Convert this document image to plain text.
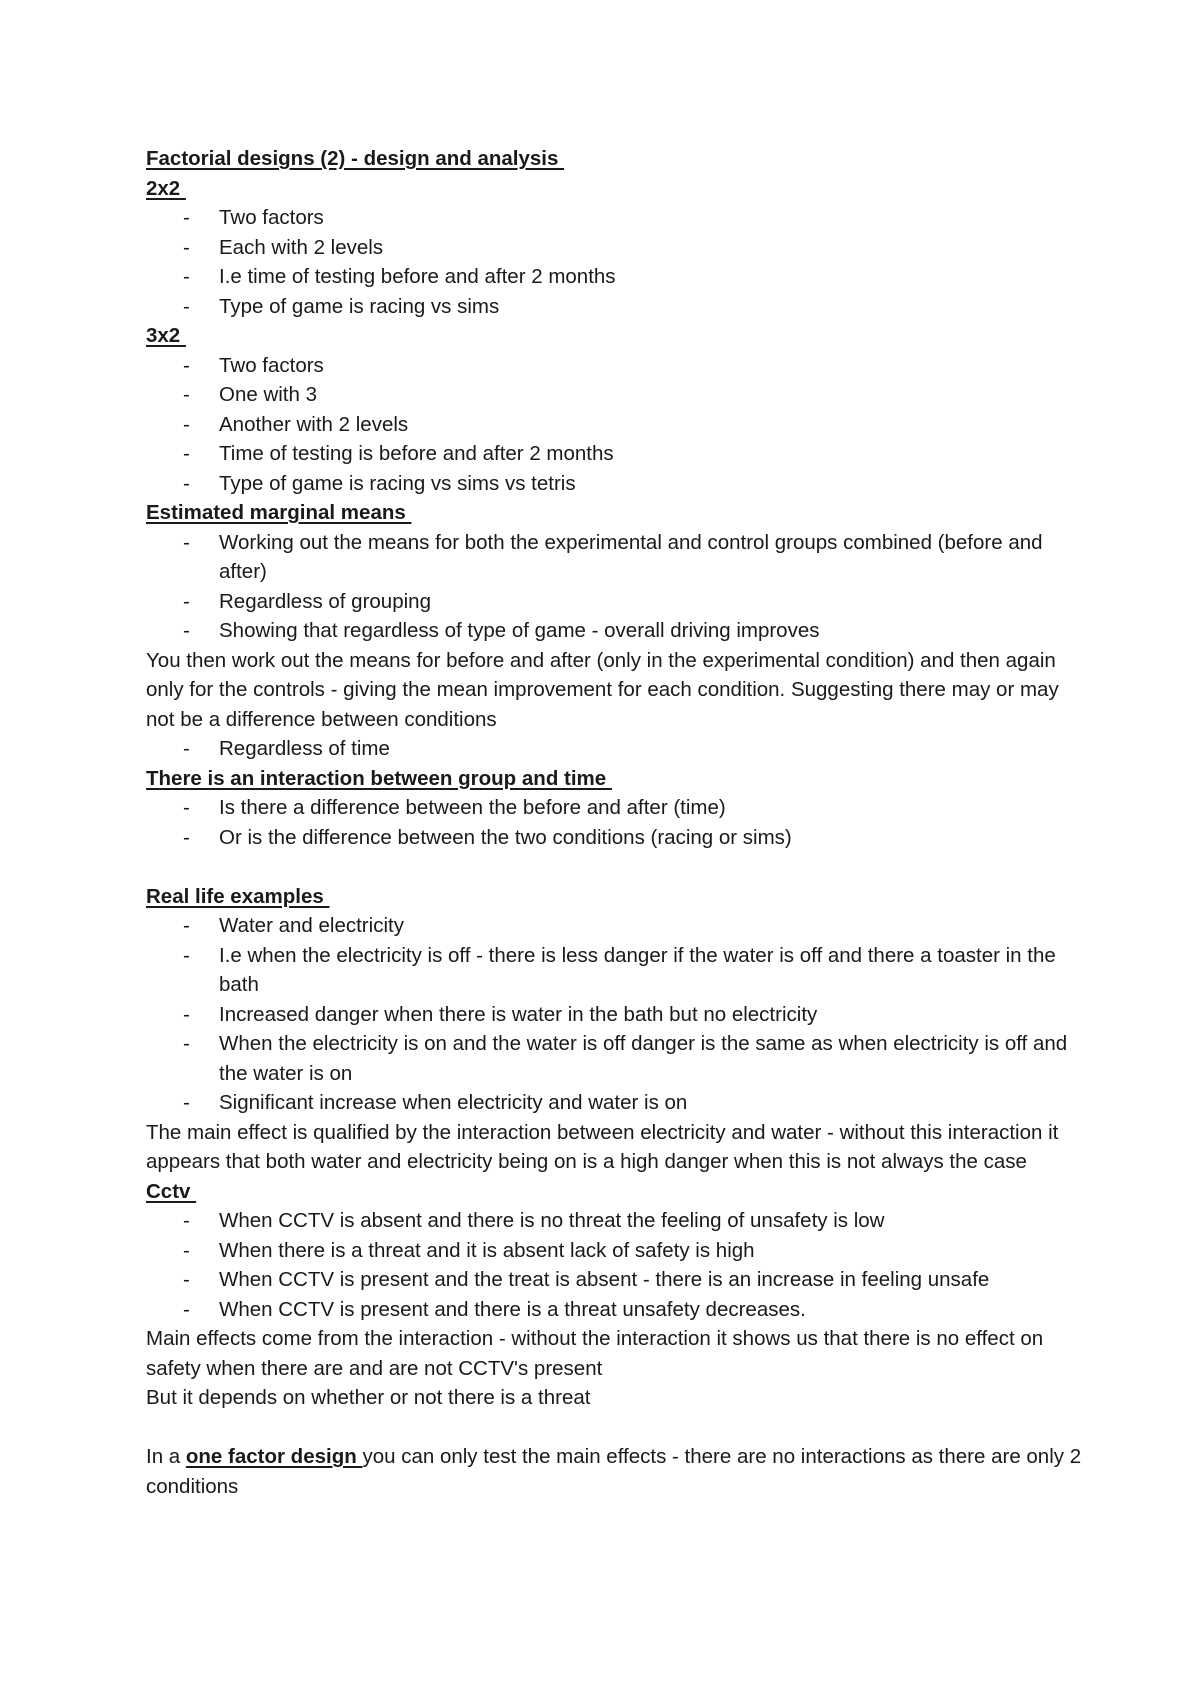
Factorial designs (2) - design and analysis
2x2
- Two factors
- Each with 2 levels
- I.e time of testing before and after 2 months
- Type of game is racing vs sims
3x2
- Two factors
- One with 3
- Another with 2 levels
- Time of testing is before and after 2 months
- Type of game is racing vs sims vs tetris
Estimated marginal means
- Working out the means for both the experimental and control groups combined (before and after)
- Regardless of grouping
- Showing that regardless of type of game - overall driving improves

You then work out the means for before and after (only in the experimental condition) and then again only for the controls - giving the mean improvement for each condition. Suggesting there may or may not be a difference between conditions

- Regardless of time
There is an interaction between group and time
- Is there a difference between the before and after (time)
- Or is the difference between the two conditions (racing or sims)
Real life examples
- Water and electricity
- I.e when the electricity is off - there is less danger if the water is off and there a toaster in the bath
- Increased danger when there is water in the bath but no electricity
- When the electricity is on and the water is off danger is the same as when electricity is off and the water is on
- Significant increase when electricity and water is on

The main effect is qualified by the interaction between electricity and water - without this interaction it appears that both water and electricity being on is a high danger when this is not always the case

Cctv
- When CCTV is absent and there is no threat the feeling of unsafety is low
- When there is a threat and it is absent lack of safety is high
- When CCTV is present and the treat is absent - there is an increase in feeling unsafe
- When CCTV is present and there is a threat unsafety decreases.

Main effects come from the interaction - without the interaction it shows us that there is no effect on safety when there are and are not CCTV's present

But it depends on whether or not there is a threat

In a one factor design you can only test the main effects - there are no interactions as there are only 2 conditions
